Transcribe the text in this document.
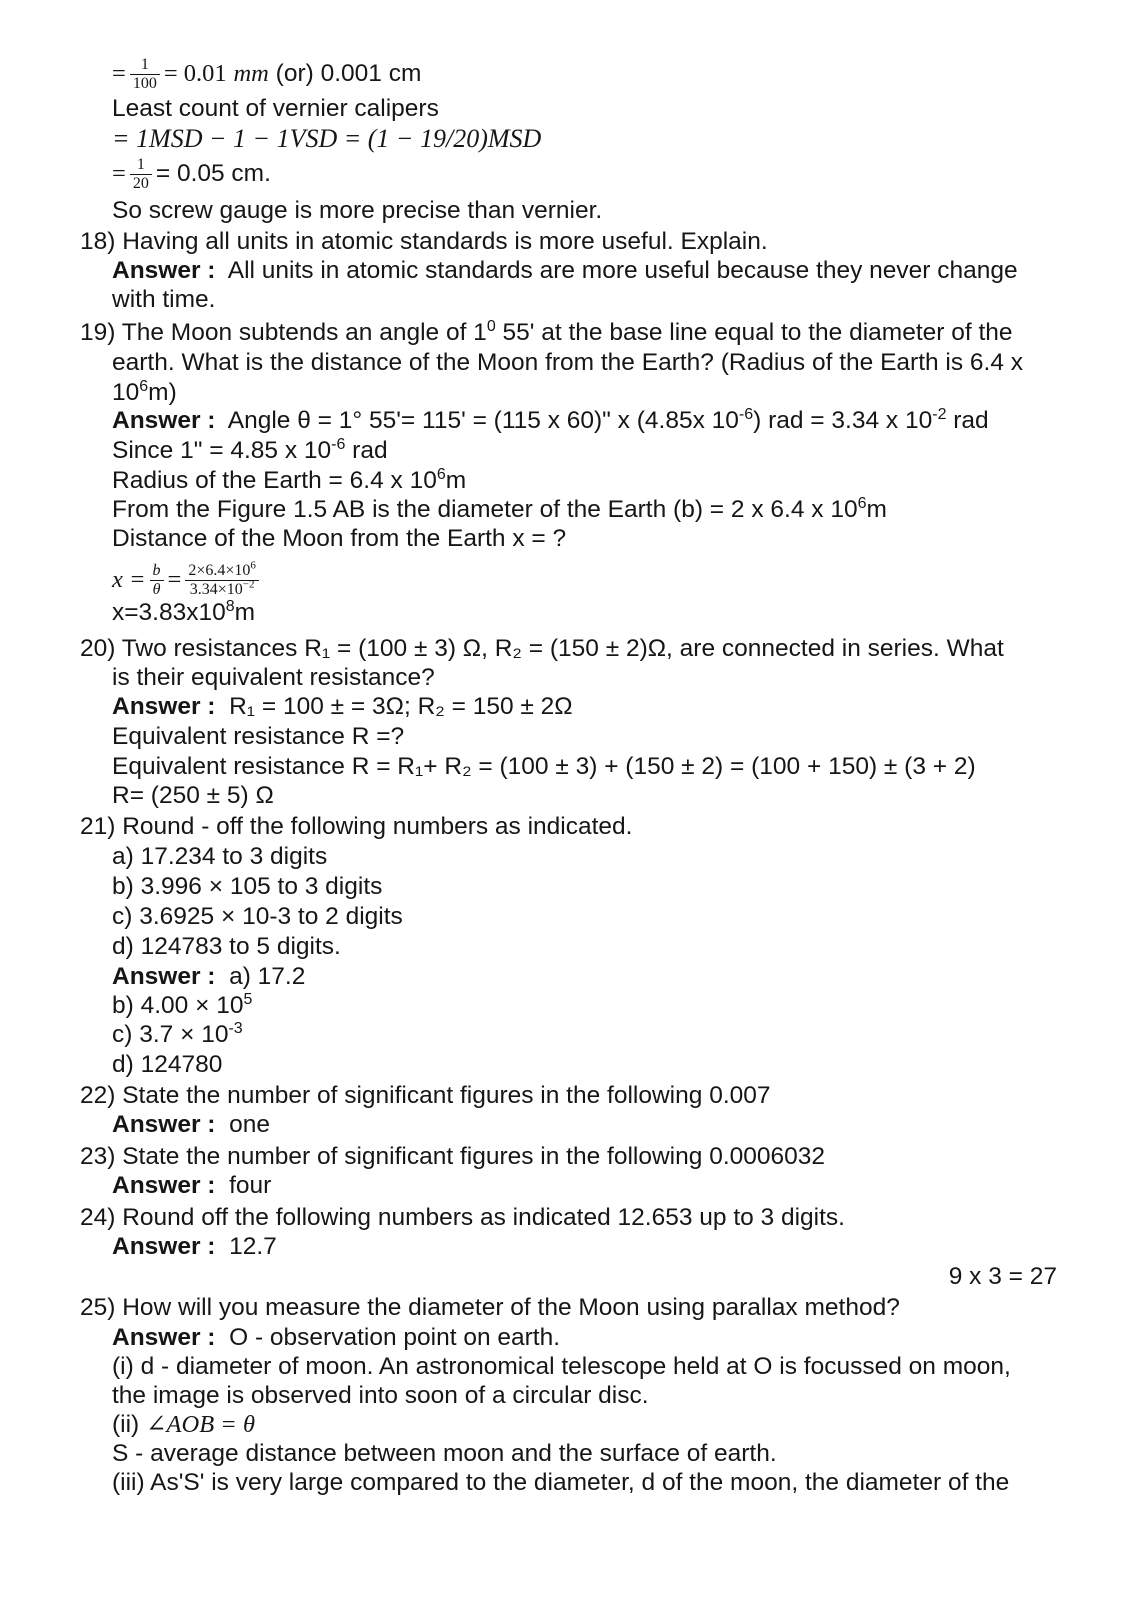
= $\frac{1}{100} = 0.01$ mm (or) 0.001 cm
Least count of vernier calipers
= 1MSD − 1 − 1VSD = (1 − 19/20)MSD
= $\frac{1}{20} = 0.05$ cm.
So screw gauge is more precise than vernier.
18) Having all units in atomic standards is more useful. Explain.
Answer : All units in atomic standards are more useful because they never change
with time.
19) The Moon subtends an angle of $1^0$ 55' at the base line equal to the diameter of the
earth. What is the distance of the Moon from the Earth? (Radius of the Earth is 6.4 x
$10^6m$)
Answer : Angle θ = 1° 55'= 115' = (115 x 60)" x (4.85x $10^{-6}$) rad = 3.34 x $10^{-2}$ rad
Since 1" = 4.85 x $10^{-6}$ rad
Radius of the Earth = 6.4 x $10^6m$
From the Figure 1.5 AB is the diameter of the Earth (b) = 2 x 6.4 x $10^6m$
Distance of the Moon from the Earth x = ?
$x = \frac{b}{\theta} = \frac{2\times 6.4\times 10^6}{3.34\times 10^{-2}}$
$x=3.83x10^8m$
20) Two resistances R₁ = (100 ± 3) Ω, R₂ = (150 ± 2)Ω, are connected in series. What
is their equivalent resistance?
Answer : R₁ = 100 ± = 3Ω; R₂ = 150 ± 2Ω
Equivalent resistance R =?
Equivalent resistance R = R₁+ R₂ = (100 ± 3) + (150 ± 2) = (100 + 150) ± (3 + 2)
R= (250 ± 5) Ω
21) Round - off the following numbers as indicated.
a) 17.234 to 3 digits
b) 3.996 × 105 to 3 digits
c) 3.6925 × 10-3 to 2 digits
d) 124783 to 5 digits.
Answer : a) 17.2
b) $4.00 \times 10^5$
c) $3.7 \times 10^{-3}$
d) 124780
22) State the number of significant figures in the following 0.007
Answer : one
23) State the number of significant figures in the following 0.0006032
Answer : four
24) Round off the following numbers as indicated 12.653 up to 3 digits.
Answer : 12.7
9 x 3 = 27
25) How will you measure the diameter of the Moon using parallax method?
Answer : O - observation point on earth.
(i) d - diameter of moon. An astronomical telescope held at O is focussed on moon,
the image is observed into soon of a circular disc.
(ii) ∠AOB = θ
S - average distance between moon and the surface of earth.
(iii) As'S' is very large compared to the diameter, d of the moon, the diameter of the
